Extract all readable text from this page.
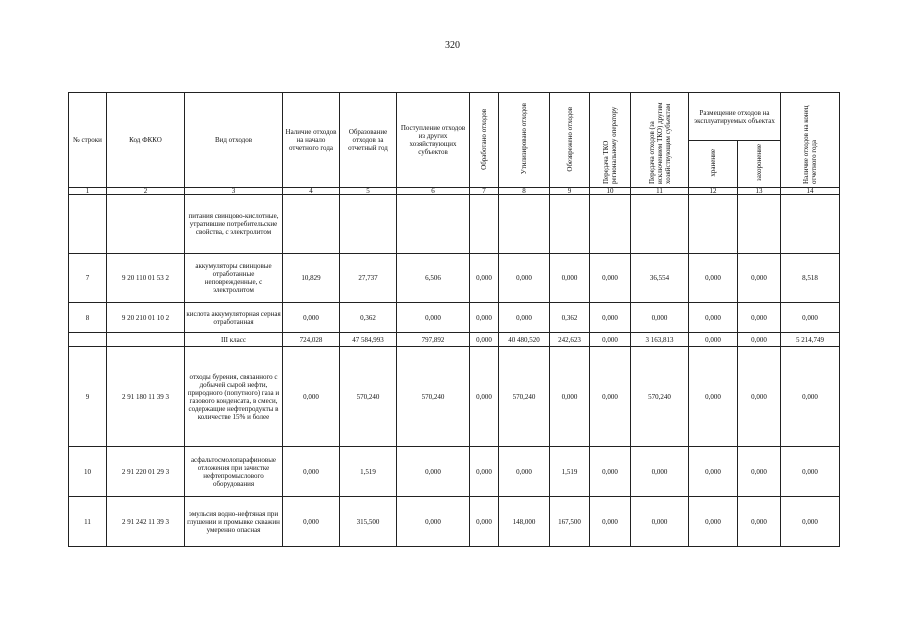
320
№ строки	Код ФККО	Вид отходов	Наличие отходов на начало отчетного года	Образование отходов за отчетный год	Поступление отходов из других хозяйствующих субъектов	Обработано отходов	Утилизировано отходов	Обезврежено отходов	Передача ТКО региональному оператору	Передача отходов (за исключением ТКО) другим хозяйствующим субъектам	Размещение отходов на эксплуатируемых объектах		Наличие отходов на конец отчетного года
											хранение	захоронение	
1	2	3	4	5	6	7	8	9	10	11	12	13	14
		питания свинцово-кислотные, утратившие потребительские свойства, с электролитом											
7	9 20 110 01 53 2	аккумуляторы свинцовые отработанные неповрежденные, с электролитом	10,829	27,737	6,506	0,000	0,000	0,000	0,000	36,554	0,000	0,000	8,518
8	9 20 210 01 10 2	кислота аккумуляторная серная отработанная	0,000	0,362	0,000	0,000	0,000	0,362	0,000	0,000	0,000	0,000	0,000
		III класс	724,028	47 584,993	797,892	0,000	40 480,520	242,623	0,000	3 163,813	0,000	0,000	5 214,749
9	2 91 180 11 39 3	отходы бурения, связанного с добычей сырой нефти, природного (попутного) газа и газового конденсата, в смеси, содержащие нефтепродукты в количестве 15% и более	0,000	570,240	570,240	0,000	570,240	0,000	0,000	570,240	0,000	0,000	0,000
10	2 91 220 01 29 3	асфальтосмолопарафиновые отложения при зачистке нефтепромыслового оборудования	0,000	1,519	0,000	0,000	0,000	1,519	0,000	0,000	0,000	0,000	0,000
11	2 91 242 11 39 3	эмульсия водно-нефтяная при глушении и промывке скважин умеренно опасная	0,000	315,500	0,000	0,000	148,000	167,500	0,000	0,000	0,000	0,000	0,000
